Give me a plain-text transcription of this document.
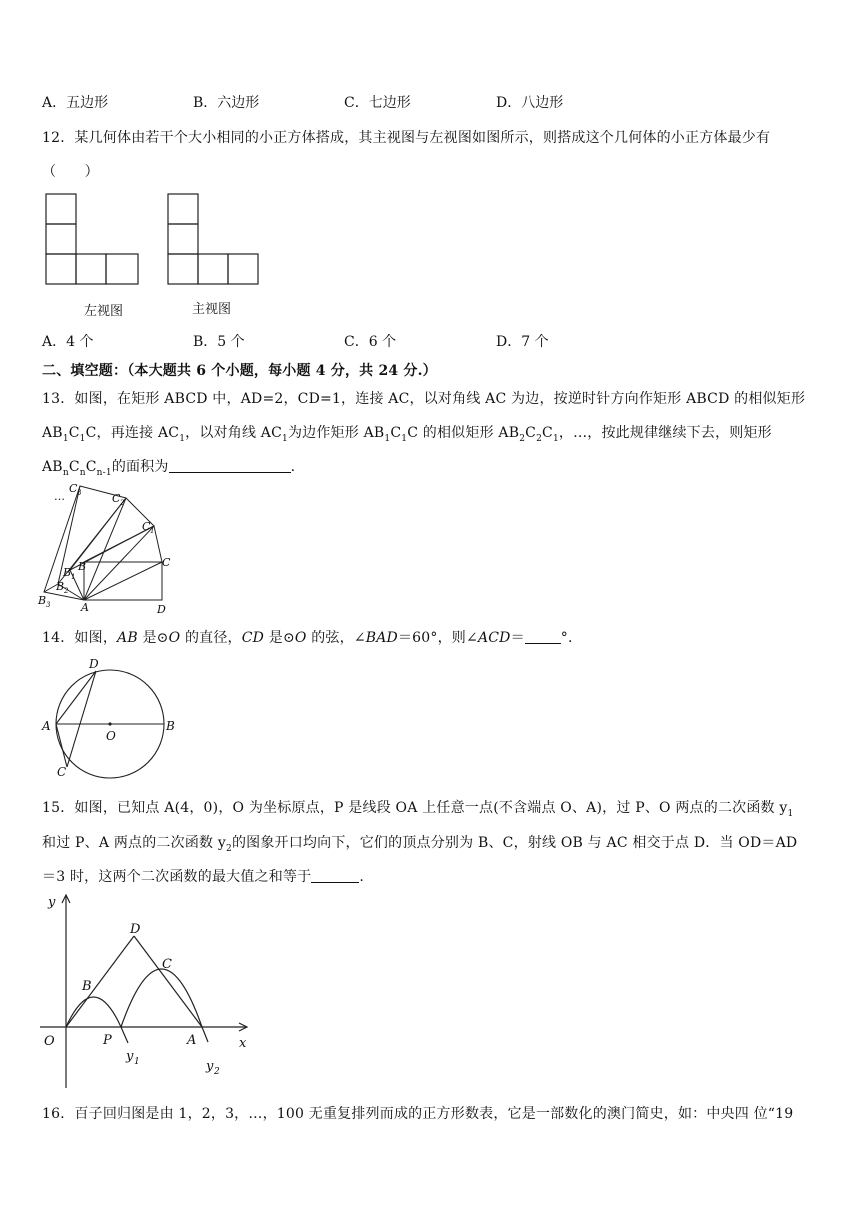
A．五边形	B．六边形	C．七边形	D．八边形
12．某几何体由若干个大小相同的小正方体搭成，其主视图与左视图如图所示，则搭成这个几何体的小正方体最少有
（　　）
左视图	主视图
A．4 个	B．5 个	C．6 个	D．7 个
二、填空题：（本大题共 6 个小题，每小题 4 分，共 24 分.）
13．如图，在矩形 ABCD 中，AD=2，CD=1，连接 AC，以对角线 AC 为边，按逆时针方向作矩形 ABCD 的相似矩形
$AB_1C_1C$，再连接 $AC_1$，以对角线 $AC_1$为边作矩形 $AB_1C_1C$ 的相似矩形 $AB_2C_2C_1$，…，按此规律继续下去，则矩形
$AB_nC_nC_{n-1}$的面积为	.
…
C 3	C 2
C 1
C
B
B 1
B 2
B 3	A	D
14．如图，AB 是⊙O 的直径，CD 是⊙O 的弦，∠BAD＝60°，则∠ACD＝	°.
D
A
O
B
C
15．如图，已知点 A(4，0)，O 为坐标原点，P 是线段 OA 上任意一点(不含端点 O、A)，过 P、O 两点的二次函数 $y_1$
和过 P、A 两点的二次函数 $y_2$的图象开口均向下，它们的顶点分别为 B、C，射线 OB 与 AC 相交于点 D．当 OD＝AD
＝3 时，这两个二次函数的最大值之和等于	.
y
x
D
B
C
O	P	A
y 1	y 2
16．百子回归图是由 1，2，3，…，100 无重复排列而成的正方形数表，它是一部数化的澳门简史，如：中央四 位“19
